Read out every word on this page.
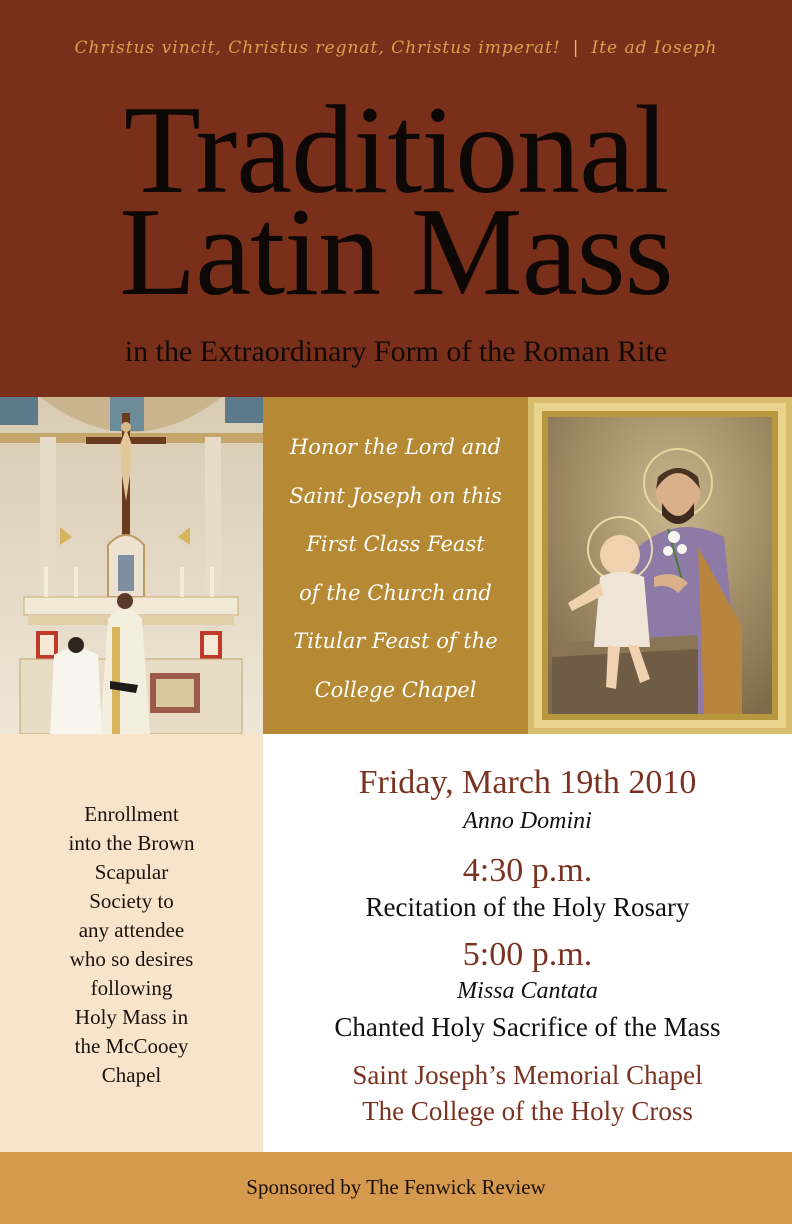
Christus vincit, Christus regnat, Christus imperat! | Ite ad Ioseph
Traditional
Latin Mass
in the Extraordinary Form of the Roman Rite
Honor the Lord and
Saint Joseph on this
First Class Feast
of the Church and
Titular Feast of the
College Chapel
Enrollment
into the Brown
Scapular
Society to
any attendee
who so desires
following
Holy Mass in
the McCooey
Chapel
Friday, March 19th 2010
Anno Domini
4:30 p.m.
Recitation of the Holy Rosary
5:00 p.m.
Missa Cantata
Chanted Holy Sacrifice of the Mass
Saint Joseph’s Memorial Chapel
The College of the Holy Cross
Sponsored by The Fenwick Review
